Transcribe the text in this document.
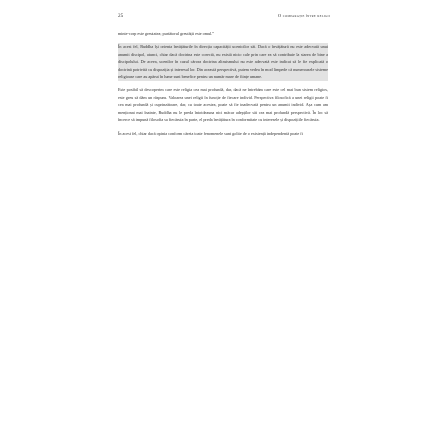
25	O comparație între religii

minte-corp este greutatea; purtătorul greutății este omul.”

În acest fel, Buddha își orienta învățăturile în direcția capacității ucenicilor săi. Dacă o învățătură nu este adecvată unui anumit discipol, atunci, chiar dacă doctrina este corectă, nu există nicio cale prin care ea să contribuie la starea de bine a discipolului. De aceea, ucenilor în cazul cărora doctrina altruismului nu este adecvată este indicat să le fie explicată o doctrină potrivită cu dispoziția și interesul lor. Din această perspectivă, putem vedea în mod limpede că numeroasele sisteme religioase care au apărut în lume sunt benefice pentru un număr mare de ființe umane.

Este posibil să descoperim care este religia cea mai profundă, dar, dacă ne întrebăm care este cel mai bun sistem religios, este greu să dăm un răspuns. Valoarea unei religii în funcție de fiecare individ. Perspectiva filosofică a unei religii poate fi cea mai profundă și cuprinzătoare, dar, cu toate acestea, poate să fie inadecvată pentru un anumit individ. Așa cum am menționat mai înainte, Buddha nu le preda întotdeauna nici măcar adepților săi cea mai profundă perspectivă. În loc să încerce să impună filosofia sa fiecăruia în parte, el preda învățătura în conformitate cu interesele și dispozițiile fiecăruia.

În acest fel, chiar dacă opinia conform căreia toate fenomenele sunt golite de o existență independentă poate fi
